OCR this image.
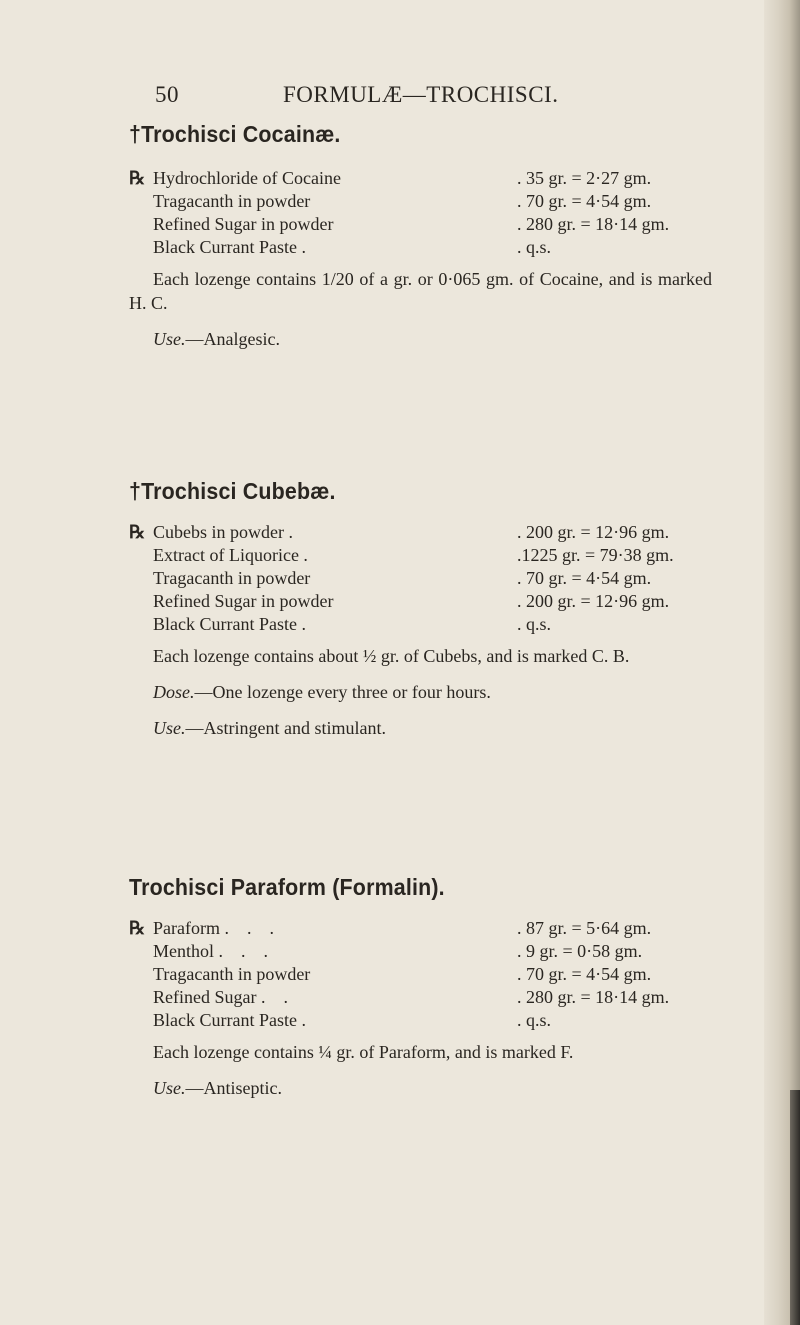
50	FORMULÆ—TROCHISCI.
†Trochisci Cocainæ.
℞ Hydrochloride of Cocaine	. 35 gr. = 2·27 gm.
Tragacanth in powder	. 70 gr. = 4·54 gm.
Refined Sugar in powder	. 280 gr. = 18·14 gm.
Black Currant Paste .	. q.s.

Each lozenge contains 1/20 of a gr. or 0·065 gm. of Cocaine, and is marked H. C.

Use.—Analgesic.

†Trochisci Cubebæ.
℞ Cubebs in powder .	. 200 gr. = 12·96 gm.
Extract of Liquorice .	.1225 gr. = 79·38 gm.
Tragacanth in powder	. 70 gr. = 4·54 gm.
Refined Sugar in powder	. 200 gr. = 12·96 gm.
Black Currant Paste .	. q.s.

Each lozenge contains about ½ gr. of Cubebs, and is marked C. B.

Dose.—One lozenge every three or four hours.

Use.—Astringent and stimulant.

Trochisci Paraform (Formalin).
℞ Paraform .    .    .	. 87 gr. = 5·64 gm.
Menthol .    .    .	. 9 gr. = 0·58 gm.
Tragacanth in powder	. 70 gr. = 4·54 gm.
Refined Sugar .    .	. 280 gr. = 18·14 gm.
Black Currant Paste .	. q.s.

Each lozenge contains ¼ gr. of Paraform, and is marked F.

Use.—Antiseptic.
